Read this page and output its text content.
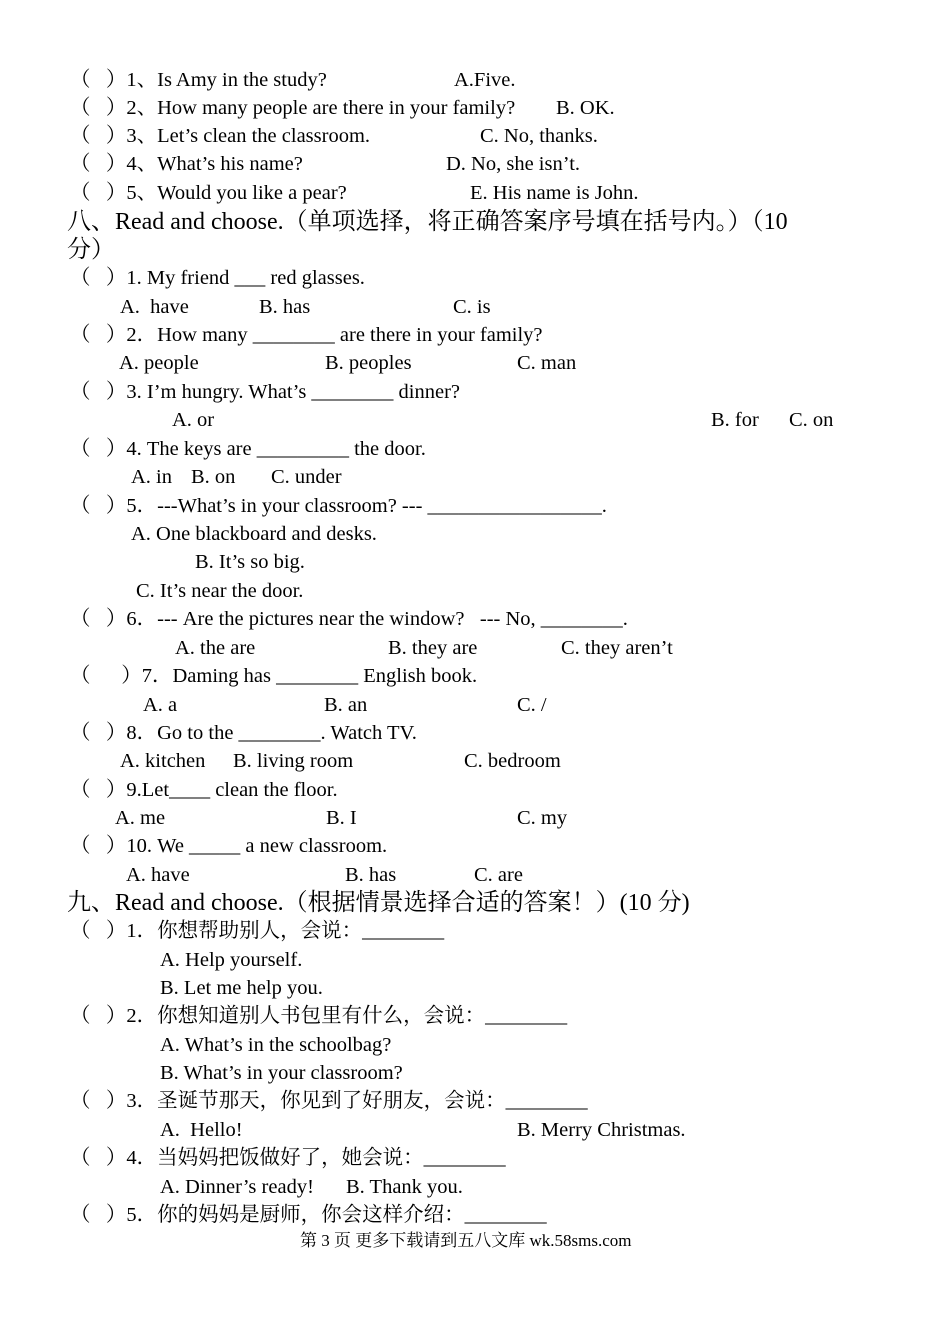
（   ）1、Is Amy in the study?	A.Five.
（   ）2、How many people are there in your family? B. OK.
（   ）3、Let’s clean the classroom.	C. No, thanks.
（   ）4、What’s his name?	D. No, she isn’t.
（   ）5、Would you like a pear?	E. His name is John.
八、Read and choose.（单项选择，将正确答案序号填在括号内。）（10
分）
（   ）1. My friend ___ red glasses.
A.  have	B. has	C. is
（   ）2．How many ________ are there in your family?
A. people	B. peoples	C. man
（   ）3. I’m hungry. What’s ________ dinner?
A. or	B. for C. on
（   ）4. The keys are _________ the door.
A. in B. on C. under
（   ）5．---What’s in your classroom? --- _________________.
A. One blackboard and desks.
B. It’s so big.
C. It’s near the door.
（   ）6．--- Are the pictures near the window?   --- No, ________.
A. the are	B. they are	C. they aren’t
（      ）7．Daming has ________ English book.
A. a	B. an	C. /
（   ）8．Go to the ________. Watch TV.
A. kitchen B. living room	C. bedroom
（   ）9.Let____ clean the floor.
A. me	B. I	C. my
（   ）10. We _____ a new classroom.
A. have	B. has	C. are
九、Read and choose.（根据情景选择合适的答案！）(10 分)
（   ）1．你想帮助别人，会说：________
A. Help yourself.
B. Let me help you.
（   ）2．你想知道别人书包里有什么，会说：________
A. What’s in the schoolbag?
B. What’s in your classroom?
（   ）3．圣诞节那天，你见到了好朋友，会说：________
A.  Hello!	B. Merry Christmas.
（   ）4．当妈妈把饭做好了，她会说：________
A. Dinner’s ready! B. Thank you.
（   ）5．你的妈妈是厨师，你会这样介绍：________
第 3 页 更多下载请到五八文库 wk.58sms.com
